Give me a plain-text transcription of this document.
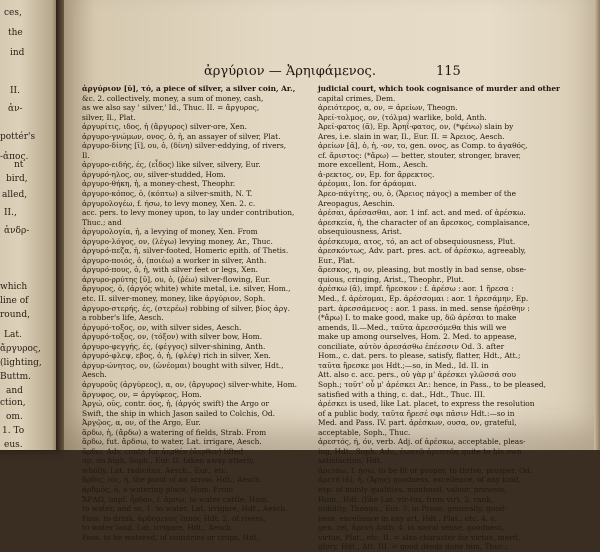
ces,
the
ind
II.
ἀν-
pottér's
-ἀπος.
nt
bird,
alled,
II.,
ἀνδρ-
which
line of
round,
Lat.
ἄργυρος,
(lighting,
Buttm.
and
ction,
om.
1. To
eus.
ἀργύριον — Ἀρηιφάμενος.	115
ἀργύριον [ῠ], τό, a piece of silver, a silver coin, Ar.,
&c. 2. collectively, money, a sum of money, cash,
as we also say ' silver,' Id., Thuc. II. = ἄργυρος,
silver, Il., Plat.
ἀργυρίτις, ιδος, ἡ (ἄργυρος) silver-ore, Xen.
ἀργυρο-γνώμων, ονος, ὁ, ἡ, an assayer of silver, Plat.
ἀργυρο-δίνης [ῑ], ου, ὁ, (δίνη) silver-eddying, of rivers,
Il.
ἀργυρο-ειδής, ές, (εἶδος) like silver, silvery, Eur.
ἀργυρό-ηλος, ον, silver-studded, Hom.
ἀργυρο-θήκη, ἡ, a money-chest, Theophr.
ἀργυρο-κόπος, ὁ, (κόπτω) a silver-smith, N. T.
ἀργυρολογέω, f. ήσω, to levy money, Xen. 2. c.
acc. pers. to levy money upon, to lay under contribution,
Thuc.; and
ἀργυρολογία, ἡ, a levying of money, Xen. From
ἀργυρο-λόγος, ον, (λέγω) levying money, Ar., Thuc.
ἀργυρό-πεζα, ἡ, silver-footed, Homeric epith. of Thetis.
ἀργυρο-ποιός, ὁ, (ποιέω) a worker in silver, Anth.
ἀργυρό-πους, ὁ, ἡ, with silver feet or legs, Xen.
ἀργυρο-ρρύτης [ῡ], ου, ὁ, (ῥέω) silver-flowing, Eur.
ἄργυρος, ὁ, (ἀργός white) white metal, i.e. silver, Hom.,
etc. II. silver-money, money, like ἀργύριον, Soph.
ἀργυρο-στερής, ές, (στερέω) robbing of silver, βίος ἀργ.
a robber's life, Aesch.
ἀργυρό-τοξος, ον, with silver sides, Aesch.
ἀργυρό-τοξος, ον, (τόξον) with silver bow, Hom.
ἀργυρο-φεγγής, ές, (φέγγος) silver-shining, Anth.
ἀργυρό-φλεψ, εβος, ὁ, ἡ, (φλέψ) rich in silver, Xen.
ἀργυρ-ώνητος, ον, (ὠνέομαι) bought with silver, Hdt.,
Aesch.
ἀργυροῦς (ἀργύρεος), α, ον, (ἄργυρος) silver-white, Hom.
ἄργυφος, ον, = ἀργύφεος, Hom.
Ἀργώ, οῦς, contr. όος, ἡ, (ἀργός swift) the Argo or
Swift, the ship in which Jason sailed to Colchis, Od.
Ἀργῷος, α, ον, of the Argo, Eur.
ἄρδω, ἡ, (ἄρδω) a watering of fields, Strab. From
ἄρδω, fut. ἄρδσω, to water, Lat. irrigare, Aesch.
ἄρδω, Adv. contr. for ἀερθέν (ἄερθεν) lifted
up, on high, Soph., Eur. II. taken away utterly,
wholly, Lat. radicitus, Aesch., Eur., etc.
ἄρδις, ιος, ἡ, the point of an arrow, Hdt., Aesch.
ἀρδμός, ὁ, a watering-place, Hom. From
ἌΡΔΩ, impf. ἦρδον, f. ἄρσω; to water cattle, Hom.
to water, and so, 1. to water, Lat. irrigare, Hdt., Aesch.
Pass. to drink, ἀρδόμενος ἵππος Hdt. 2. of rivers,
to water land, Lat. irrigare, Hdt., Aesch.
Pass. to be watered, of countries or crops, Hdt.
judicial court, which took cognisance of murder and other
capital crimes, Dem.
ἀρειότερος, α, ον, = ἀρείων, Theogn.
Ἀρεί-τολμος, ον, (τόλμα) warlike, bold, Anth.
Ἀρεί-φατος (ᾰ), Ep. Ἀρηΐ-φατος, ον, (*φένω) slain by
Ares, i.e. slain in war, Il., Eur. II. = Ἀρειος, Aesch.
ἀρείων [ᾱ], ὁ, ἡ, -ον, το, gen. ονος, as Comp. to ἀγαθός,
cf. ἄριστος: (*ἄρω) — better, stouter, stronger, braver,
more excellent, Hom., Aesch.
ἀ-ρεκτος, ον, Ep. for ἄρρεκτος.
ἀρέομαι, Ion. for ἀράομαι.
Ἀρεο-πάγίτης, ου, ὁ, (Ἄρειος πάγος) a member of the
Areopagus, Aeschin.
ἀρέσαι, ἀρέσασθαι, aor. 1 inf. act. and med. of ἀρέσκω.
ἀρεσκεία, ἡ, the character of an ἄρεσκος, complaisance,
obsequiousness, Arist.
ἀρέσκευμα, ατος, τό, an act of obsequiousness, Plut.
ἀρεσκόντως, Adv. part. pres. act. of ἀρέσκω, agreeably,
Eur., Plat.
ἄρεσκος, η, ον, pleasing, but mostly in bad sense, obse-
quious, cringing, Arist., Theophr., Plut.
ἀρέσκω (ᾰ), impf. ἤρεσκον : f. ἀρέσω : aor. 1 ἤρεσα :
Med., f. ἀρέσομαι, Ep. ἀρέσσομαι : aor. 1 ἠρεσάμην, Ep.
part. ἀρεσσάμενος : aor. 1 pass. in med. sense ἠρέσθην :
(*ἄρω) I. to make good, make up, δῶ ἀρέσαι to make
amends, Il.—Med., ταῦτα ἀρεσσόμεθα this will we
make up among ourselves, Hom. 2. Med. to appease,
conciliate, αὐτὸν ἀρεσάσθω ἐπέεσσιν Od. 3. after
Hom., c. dat. pers. to please, satisfy, flatter, Hdt., Att.;
ταῦτα ἤρεσκε μοι Hdt.;—so, in Med., Id. II. in
Att. also c. acc. pers., οὐ γὰρ μ' ἀρέσκει γλῶσσά σου
Soph.; τοῦτ' οὖ μ' ἀρέσκει Ar.: hence, in Pass., to be pleased,
satisfied with a thing, c. dat., Hdt., Thuc. III.
ἀρέσκει is used, like Lat. placet, to express the resolution
of a public body, ταῦτα ἤρεσέ σφι πᾶσιν Hdt.:—so in
Med. and Pass. IV. part. ἀρέσκων, ουσα, ον, grateful,
acceptable, Soph., Thuc.
ἀρεστός, ή, όν, verb. Adj. of ἀρέσκω, acceptable, pleas-
ing, Hdt., Soph. Adv., ἐωυτῷ ἀρεστῶς quite to his own
satisfaction, Hdt.
ἀρετάω, f. ήσω, to be fit or proper, to thrive, prosper, Od.
ἀρετή (ᾰ), ἡ, (Ἄρης) goodness, excellence, of any kind,
esp. of manly qualities, manhood, valour, prowess,
Hom., Hdt. (like Lat. vir-tus, from vir). 2. rank,
nobility, Theogn., Eur. 3. in Prose, generally, good-
ness, excellence in any art, Hdt., Plat., etc. 4. c.
gen. rei, ἀρετὴ Anth. 4. in moral sense, goodness,
virtue, Plat., etc. II. = also character for virtue, merit,
glory, Hdt., Att. III. = good deeds done him, Thuc.;
